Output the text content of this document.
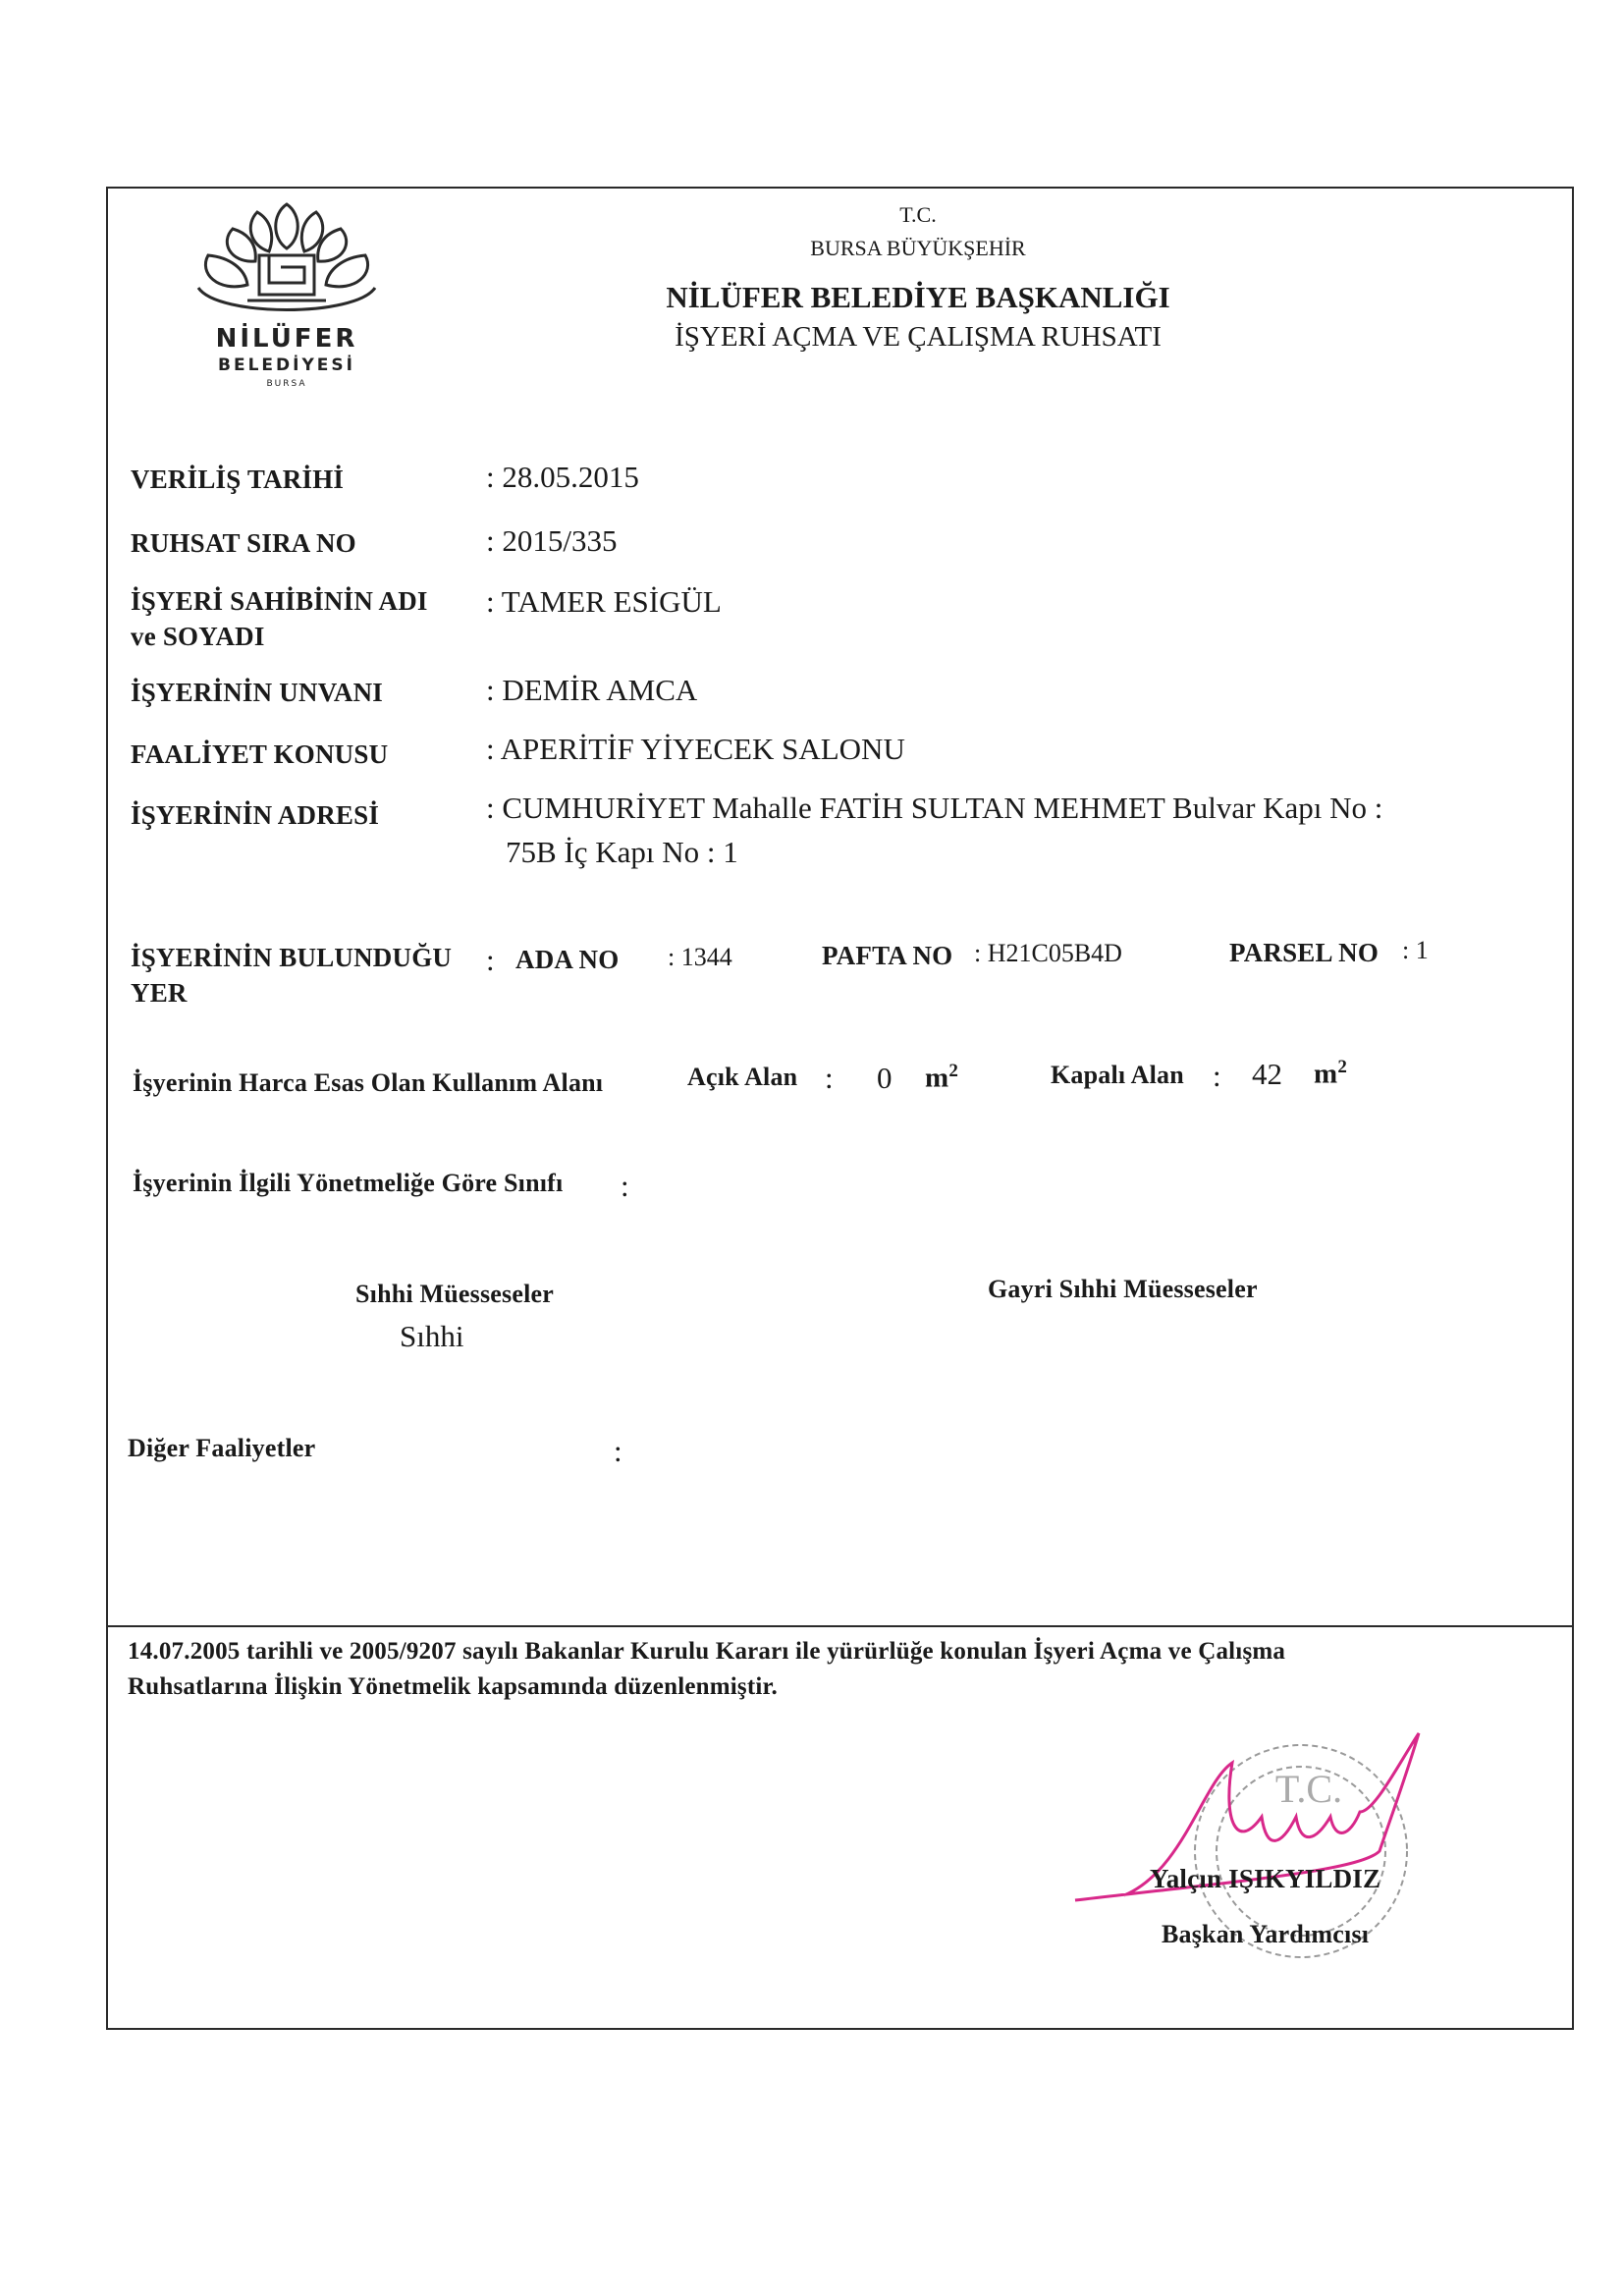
NİLÜFER
BELEDİYESİ
BURSA
T.C.
BURSA BÜYÜKŞEHİR
NİLÜFER BELEDİYE BAŞKANLIĞI
İŞYERİ AÇMA VE ÇALIŞMA RUHSATI
VERİLİŞ TARİHİ	: 28.05.2015
RUHSAT SIRA NO	: 2015/335
İŞYERİ SAHİBİNİN ADI
ve SOYADI
: TAMER ESİGÜL
İŞYERİNİN UNVANI	: DEMİR AMCA
FAALİYET KONUSU	: APERİTİF YİYECEK SALONU
İŞYERİNİN ADRESİ	: CUMHURİYET Mahalle FATİH SULTAN MEHMET Bulvar Kapı No :
75B İç Kapı No : 1
İŞYERİNİN BULUNDUĞU
YER
: ADA NO : 1344	PAFTA NO : H21C05B4D	PARSEL NO : 1
İşyerinin Harca Esas Olan Kullanım Alanı	Açık Alan : 0 $m^2$	Kapalı Alan : 42 $m^2$
İşyerinin İlgili Yönetmeliğe Göre Sınıfı :
Sıhhi Müesseseler
Sıhhi
Gayri Sıhhi Müesseseler
Diğer Faaliyetler	:
14.07.2005 tarihli ve 2005/9207 sayılı Bakanlar Kurulu Kararı ile yürürlüğe konulan İşyeri Açma ve Çalışma
Ruhsatlarına İlişkin Yönetmelik kapsamında düzenlenmiştir.
T.C.
Yalçın IŞIKYILDIZ
Başkan Yardımcısı
